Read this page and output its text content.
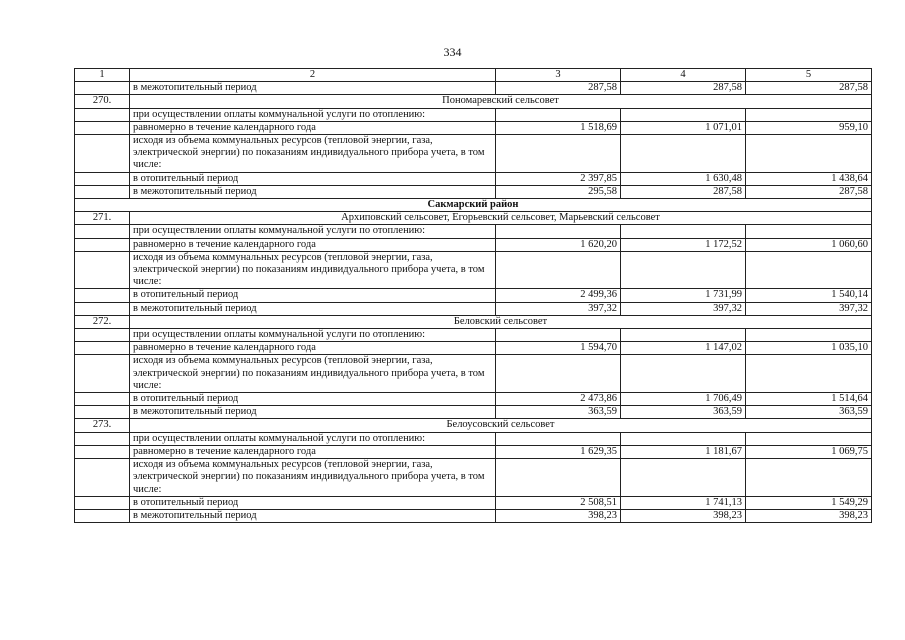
334
1	2	3	4	5
	в межотопительный период	287,58	287,58	287,58
270.	Пономаревский сельсовет			
	при осуществлении оплаты коммунальной услуги по отоплению:			
	равномерно в течение календарного года	1 518,69	1 071,01	959,10
	исходя из объема коммунальных ресурсов (тепловой энергии, газа, электрической энергии) по показаниям индивидуального прибора учета, в том числе:			
	в отопительный период	2 397,85	1 630,48	1 438,64
	в межотопительный период	295,58	287,58	287,58
Сакмарский район				
271.	Архиповский сельсовет, Егорьевский сельсовет, Марьевский сельсовет			
	при осуществлении оплаты коммунальной услуги по отоплению:			
	равномерно в течение календарного года	1 620,20	1 172,52	1 060,60
	исходя из объема коммунальных ресурсов (тепловой энергии, газа, электрической энергии) по показаниям индивидуального прибора учета, в том числе:			
	в отопительный период	2 499,36	1 731,99	1 540,14
	в межотопительный период	397,32	397,32	397,32
272.	Беловский сельсовет			
	при осуществлении оплаты коммунальной услуги по отоплению:			
	равномерно в течение календарного года	1 594,70	1 147,02	1 035,10
	исходя из объема коммунальных ресурсов (тепловой энергии, газа, электрической энергии) по показаниям индивидуального прибора учета, в том числе:			
	в отопительный период	2 473,86	1 706,49	1 514,64
	в межотопительный период	363,59	363,59	363,59
273.	Белоусовский сельсовет			
	при осуществлении оплаты коммунальной услуги по отоплению:			
	равномерно в течение календарного года	1 629,35	1 181,67	1 069,75
	исходя из объема коммунальных ресурсов (тепловой энергии, газа, электрической энергии) по показаниям индивидуального прибора учета, в том числе:			
	в отопительный период	2 508,51	1 741,13	1 549,29
	в межотопительный период	398,23	398,23	398,23
